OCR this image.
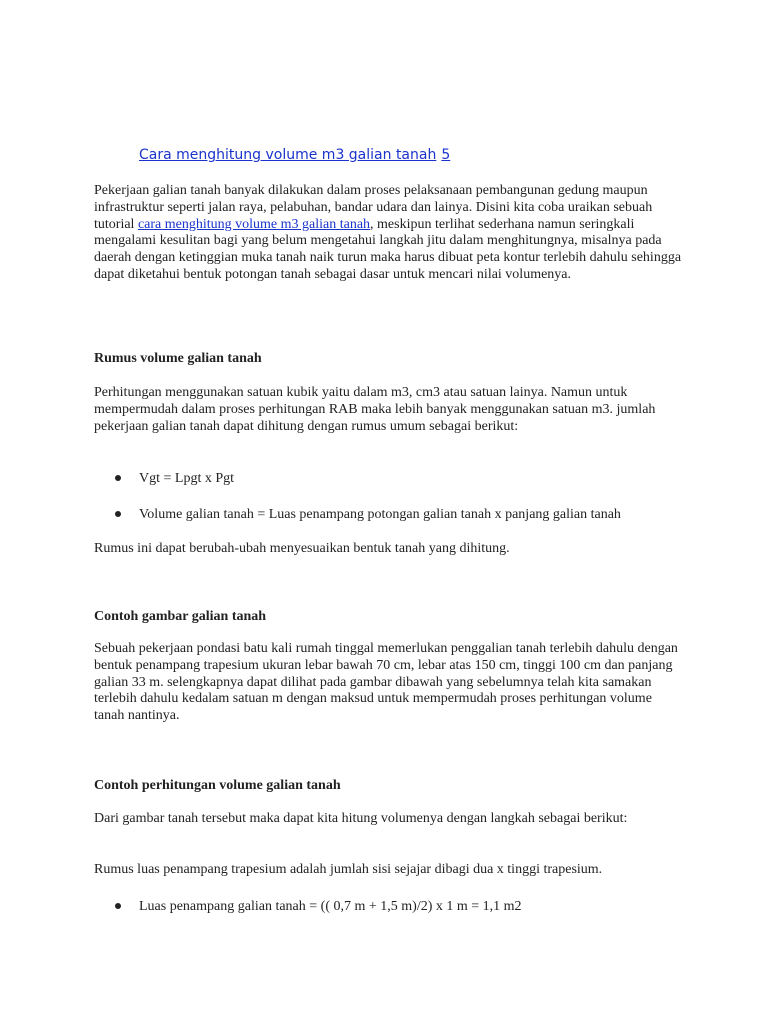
Cara menghitung volume m3 galian tanah 5

Pekerjaan galian tanah banyak dilakukan dalam proses pelaksanaan pembangunan gedung maupun infrastruktur seperti jalan raya, pelabuhan, bandar udara dan lainya. Disini kita coba uraikan sebuah tutorial cara menghitung volume m3 galian tanah, meskipun terlihat sederhana namun seringkali mengalami kesulitan bagi yang belum mengetahui langkah jitu dalam menghitungnya, misalnya pada daerah dengan ketinggian muka tanah naik turun maka harus dibuat peta kontur terlebih dahulu sehingga dapat diketahui bentuk potongan tanah sebagai dasar untuk mencari nilai volumenya.

Rumus volume galian tanah

Perhitungan menggunakan satuan kubik yaitu dalam m3, cm3 atau satuan lainya. Namun untuk mempermudah dalam proses perhitungan RAB maka lebih banyak menggunakan satuan m3. jumlah pekerjaan galian tanah dapat dihitung dengan rumus umum sebagai berikut:

Vgt = Lpgt x Pgt
Volume galian tanah = Luas penampang potongan galian tanah x panjang galian tanah

Rumus ini dapat berubah-ubah menyesuaikan bentuk tanah yang dihitung.

Contoh gambar galian tanah

Sebuah pekerjaan pondasi batu kali rumah tinggal memerlukan penggalian tanah terlebih dahulu dengan bentuk penampang trapesium ukuran lebar bawah 70 cm, lebar atas 150 cm, tinggi 100 cm dan panjang galian 33 m. selengkapnya dapat dilihat pada gambar dibawah yang sebelumnya telah kita samakan terlebih dahulu kedalam satuan m dengan maksud untuk mempermudah proses perhitungan volume tanah nantinya.

Contoh perhitungan volume galian tanah

Dari gambar tanah tersebut maka dapat kita hitung volumenya dengan langkah sebagai berikut:

Rumus luas penampang trapesium adalah jumlah sisi sejajar dibagi dua x tinggi trapesium.

Luas penampang galian tanah = (( 0,7 m + 1,5 m)/2) x 1 m = 1,1 m2
